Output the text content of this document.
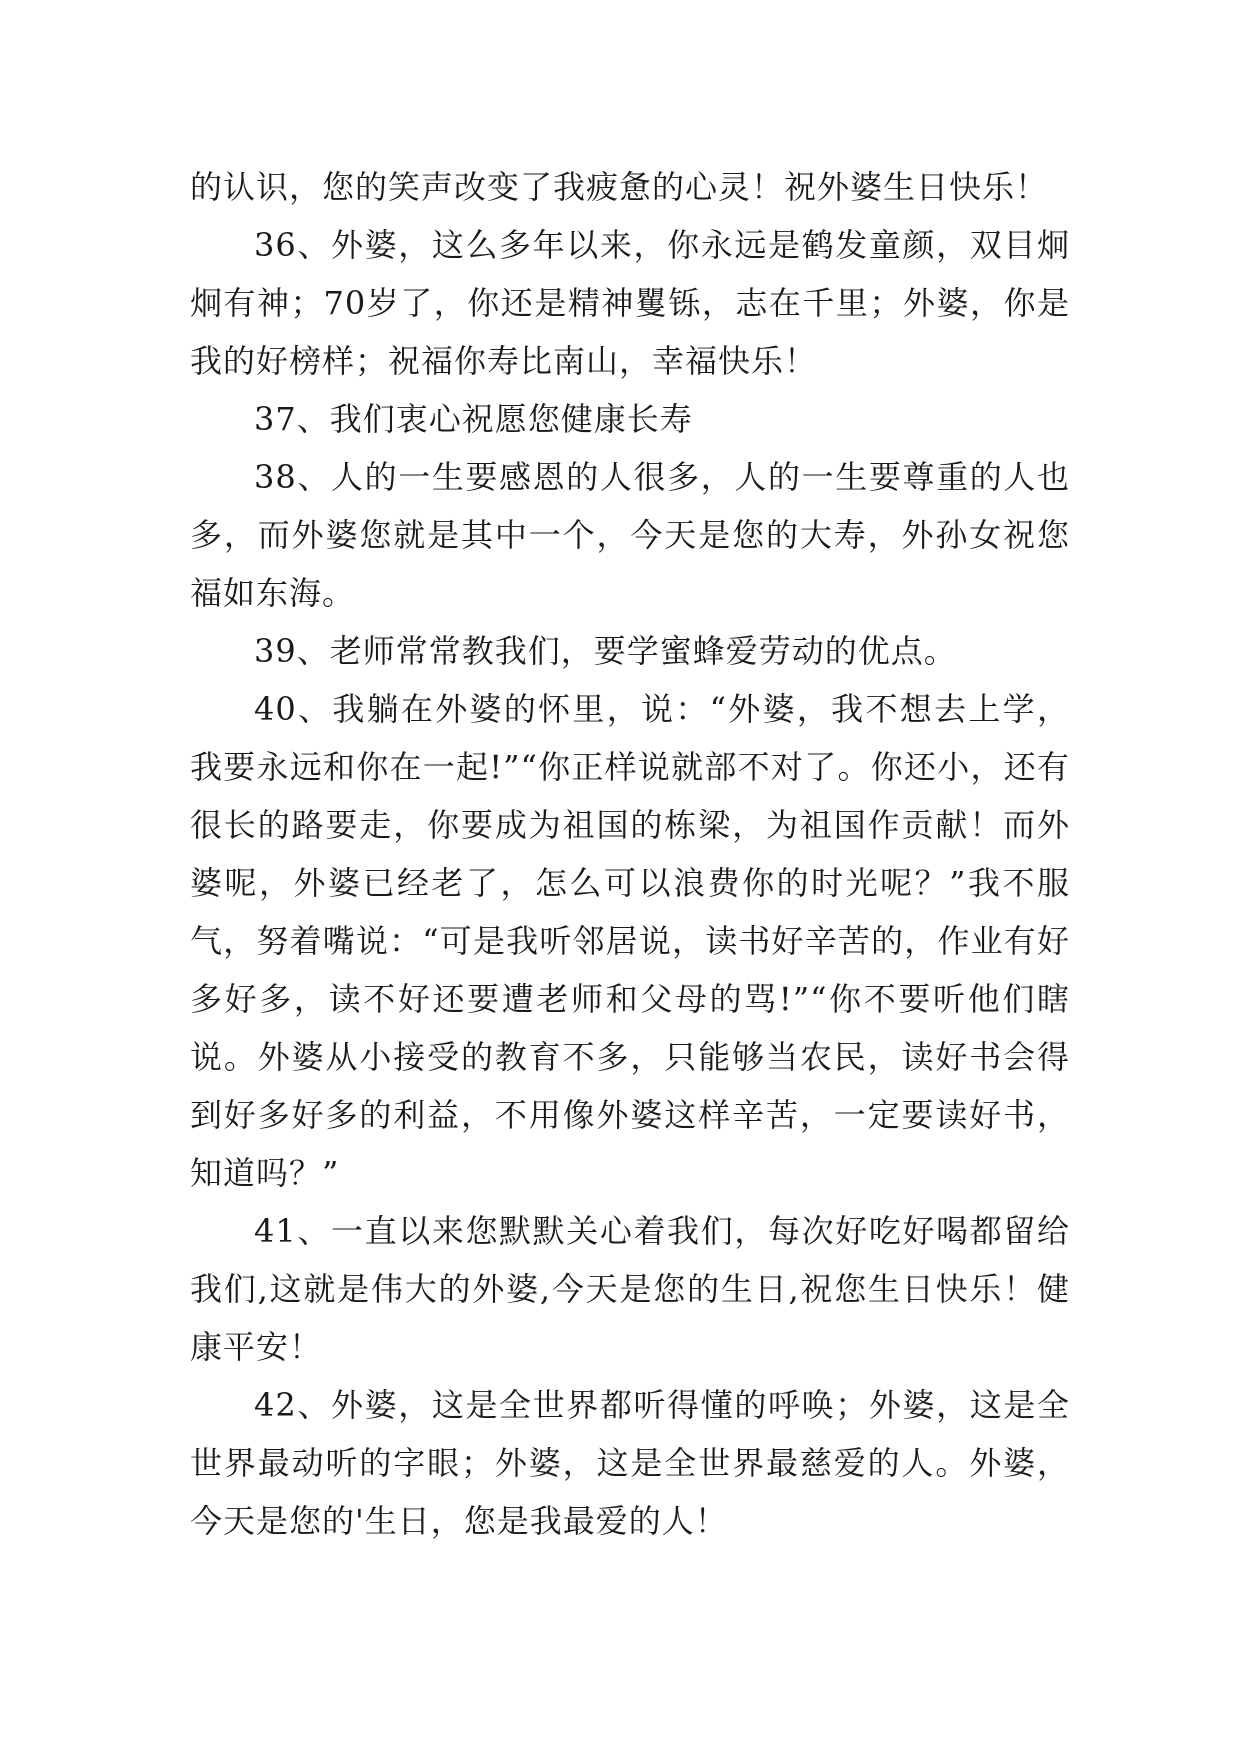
的认识，您的笑声改变了我疲惫的心灵！祝外婆生日快乐！

36、外婆，这么多年以来，你永远是鹤发童颜，双目炯炯有神；70岁了，你还是精神矍铄，志在千里；外婆，你是我的好榜样；祝福你寿比南山，幸福快乐！

37、我们衷心祝愿您健康长寿

38、人的一生要感恩的人很多，人的一生要尊重的人也多，而外婆您就是其中一个，今天是您的大寿，外孙女祝您福如东海。

39、老师常常教我们，要学蜜蜂爱劳动的优点。

40、我躺在外婆的怀里，说：“外婆，我不想去上学，我要永远和你在一起!”“你正样说就部不对了。你还小，还有很长的路要走，你要成为祖国的栋梁，为祖国作贡献！而外婆呢，外婆已经老了，怎么可以浪费你的时光呢？”我不服气，努着嘴说：“可是我听邻居说，读书好辛苦的，作业有好多好多，读不好还要遭老师和父母的骂!”“你不要听他们瞎说。外婆从小接受的教育不多，只能够当农民，读好书会得到好多好多的利益，不用像外婆这样辛苦，一定要读好书，知道吗？”

41、一直以来您默默关心着我们，每次好吃好喝都留给我们,这就是伟大的外婆,今天是您的生日,祝您生日快乐！健康平安！

42、外婆，这是全世界都听得懂的呼唤；外婆，这是全世界最动听的字眼；外婆，这是全世界最慈爱的人。外婆，今天是您的'生日，您是我最爱的人！
